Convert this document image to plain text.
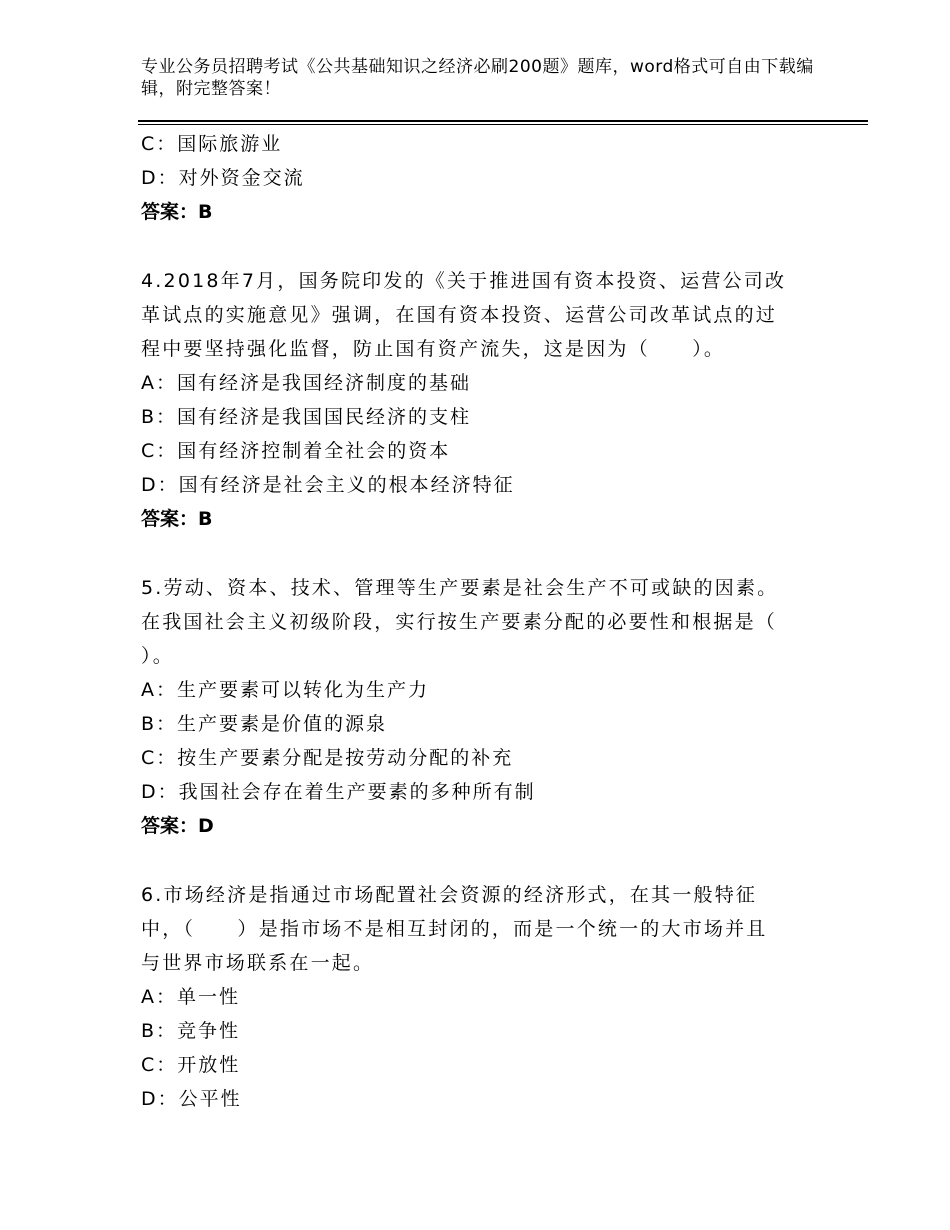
专业公务员招聘考试《公共基础知识之经济必刷200题》题库，word格式可自由下载编辑，附完整答案！
C：国际旅游业
D：对外资金交流
答案：B
4.2018年7月，国务院印发的《关于推进国有资本投资、运营公司改
革试点的实施意见》强调，在国有资本投资、运营公司改革试点的过
程中要坚持强化监督，防止国有资产流失，这是因为（　　）。
A：国有经济是我国经济制度的基础
B：国有经济是我国国民经济的支柱
C：国有经济控制着全社会的资本
D：国有经济是社会主义的根本经济特征
答案：B
5.劳动、资本、技术、管理等生产要素是社会生产不可或缺的因素。
在我国社会主义初级阶段，实行按生产要素分配的必要性和根据是（
）。
A：生产要素可以转化为生产力
B：生产要素是价值的源泉
C：按生产要素分配是按劳动分配的补充
D：我国社会存在着生产要素的多种所有制
答案：D
6.市场经济是指通过市场配置社会资源的经济形式，在其一般特征
中，（　　）是指市场不是相互封闭的，而是一个统一的大市场并且
与世界市场联系在一起。
A：单一性
B：竞争性
C：开放性
D：公平性
